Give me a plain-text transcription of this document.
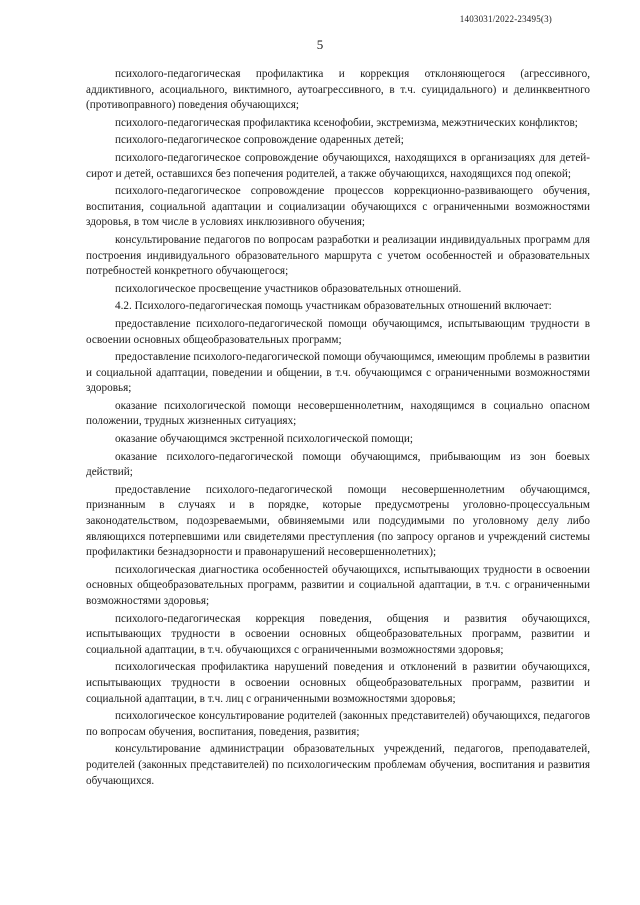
1403031/2022-23495(3)
5

психолого-педагогическая профилактика и коррекция отклоняющегося (агрессивного, аддиктивного, асоциального, виктимного, аутоагрессивного, в т.ч. суицидального) и делинквентного (противоправного) поведения обучающихся;

психолого-педагогическая профилактика ксенофобии, экстремизма, межэтнических конфликтов;

психолого-педагогическое сопровождение одаренных детей;

психолого-педагогическое сопровождение обучающихся, находящихся в организациях для детей-сирот и детей, оставшихся без попечения родителей, а также обучающихся, находящихся под опекой;

психолого-педагогическое сопровождение процессов коррекционно-развивающего обучения, воспитания, социальной адаптации и социализации обучающихся с ограниченными возможностями здоровья, в том числе в условиях инклюзивного обучения;

консультирование педагогов по вопросам разработки и реализации индивидуальных программ для построения индивидуального образовательного маршрута с учетом особенностей и образовательных потребностей конкретного обучающегося;

психологическое просвещение участников образовательных отношений.

4.2. Психолого-педагогическая помощь участникам образовательных отношений включает:

предоставление психолого-педагогической помощи обучающимся, испытывающим трудности в освоении основных общеобразовательных программ;

предоставление психолого-педагогической помощи обучающимся, имеющим проблемы в развитии и социальной адаптации, поведении и общении, в т.ч. обучающимся с ограниченными возможностями здоровья;

оказание психологической помощи несовершеннолетним, находящимся в социально опасном положении, трудных жизненных ситуациях;

оказание обучающимся экстренной психологической помощи;

оказание психолого-педагогической помощи обучающимся, прибывающим из зон боевых действий;

предоставление психолого-педагогической помощи несовершеннолетним обучающимся, признанным в случаях и в порядке, которые предусмотрены уголовно-процессуальным законодательством, подозреваемыми, обвиняемыми или подсудимыми по уголовному делу либо являющихся потерпевшими или свидетелями преступления (по запросу органов и учреждений системы профилактики безнадзорности и правонарушений несовершеннолетних);

психологическая диагностика особенностей обучающихся, испытывающих трудности в освоении основных общеобразовательных программ, развитии и социальной адаптации, в т.ч. с ограниченными возможностями здоровья;

психолого-педагогическая коррекция поведения, общения и развития обучающихся, испытывающих трудности в освоении основных общеобразовательных программ, развитии и социальной адаптации, в т.ч. обучающихся с ограниченными возможностями здоровья;

психологическая профилактика нарушений поведения и отклонений в развитии обучающихся, испытывающих трудности в освоении основных общеобразовательных программ, развитии и социальной адаптации, в т.ч. лиц с ограниченными возможностями здоровья;

психологическое консультирование родителей (законных представителей) обучающихся, педагогов по вопросам обучения, воспитания, поведения, развития;

консультирование администрации образовательных учреждений, педагогов, преподавателей, родителей (законных представителей) по психологическим проблемам обучения, воспитания и развития обучающихся.
